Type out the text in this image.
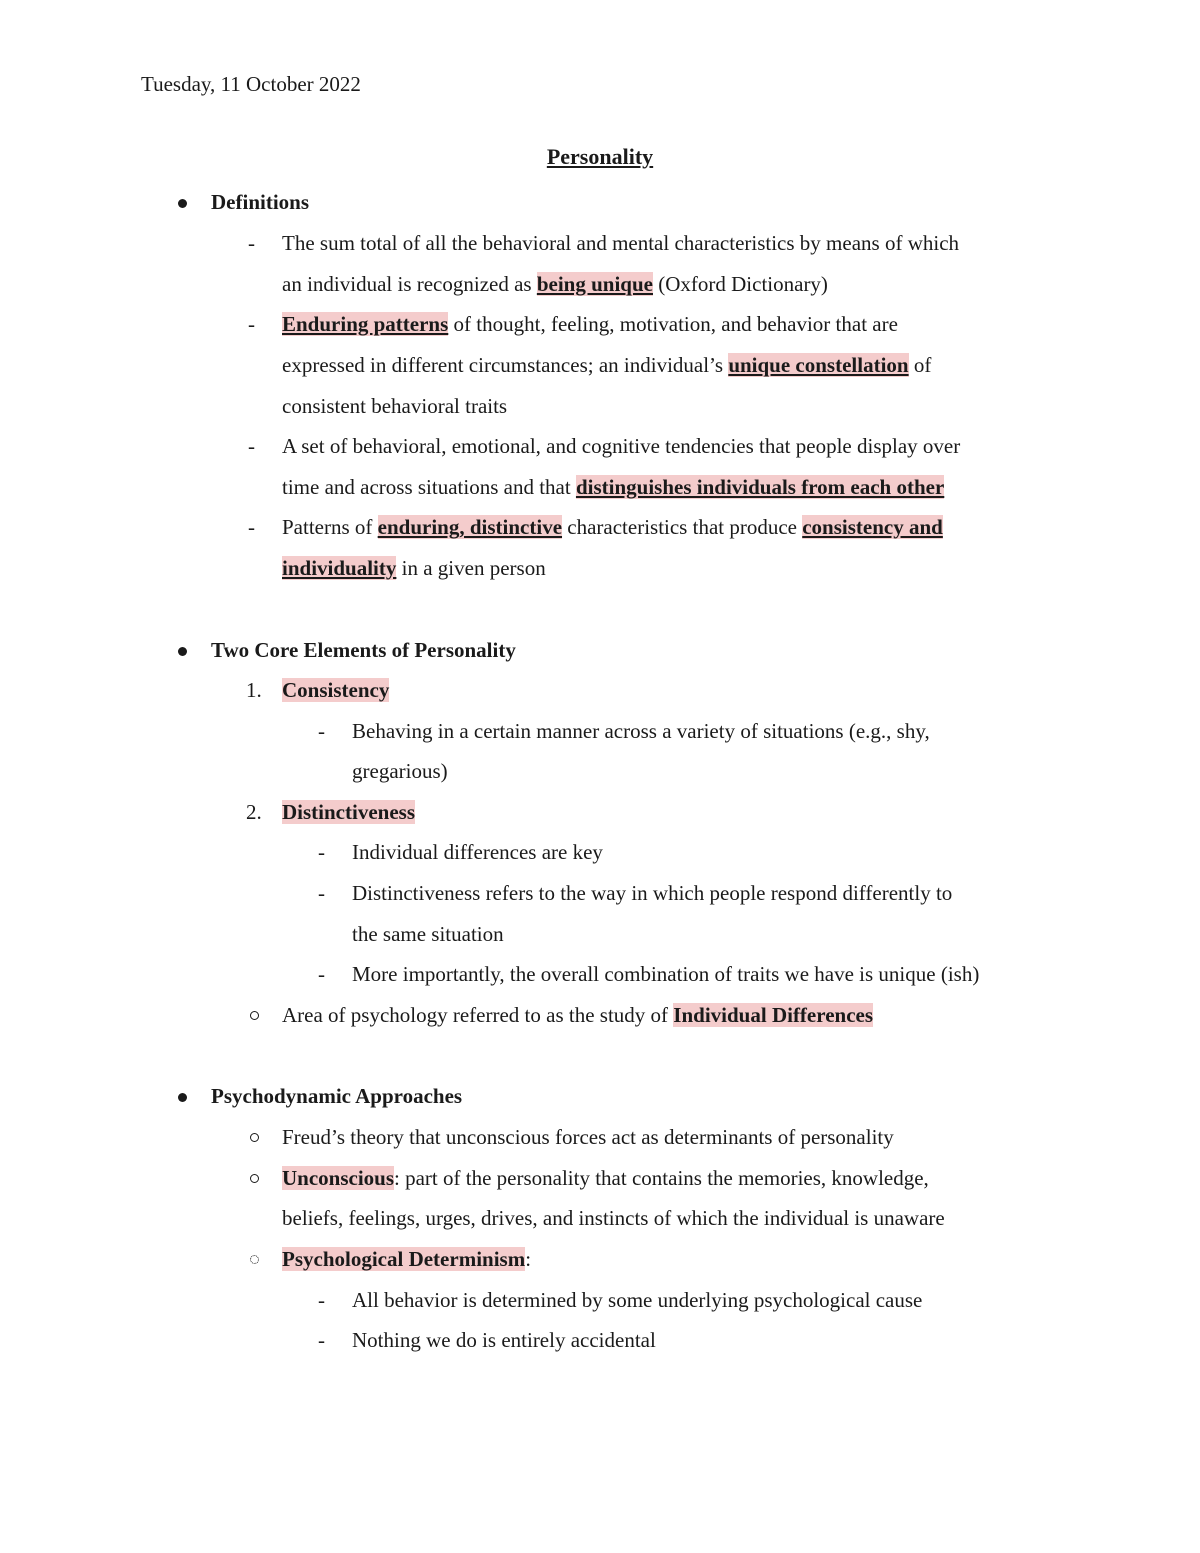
Tuesday, 11 October 2022
Personality
Definitions
- The sum total of all the behavioral and mental characteristics by means of which
an individual is recognized as being unique (Oxford Dictionary)
- Enduring patterns of thought, feeling, motivation, and behavior that are
expressed in different circumstances; an individual’s unique constellation of
consistent behavioral traits
- A set of behavioral, emotional, and cognitive tendencies that people display over
time and across situations and that distinguishes individuals from each other
- Patterns of enduring, distinctive characteristics that produce consistency and
individuality in a given person
Two Core Elements of Personality
1. Consistency
- Behaving in a certain manner across a variety of situations (e.g., shy,
gregarious)
2. Distinctiveness
- Individual differences are key
- Distinctiveness refers to the way in which people respond differently to
the same situation
- More importantly, the overall combination of traits we have is unique (ish)
Area of psychology referred to as the study of Individual Differences
Psychodynamic Approaches
Freud’s theory that unconscious forces act as determinants of personality
Unconscious: part of the personality that contains the memories, knowledge,
beliefs, feelings, urges, drives, and instincts of which the individual is unaware
Psychological Determinism:
- All behavior is determined by some underlying psychological cause
- Nothing we do is entirely accidental
